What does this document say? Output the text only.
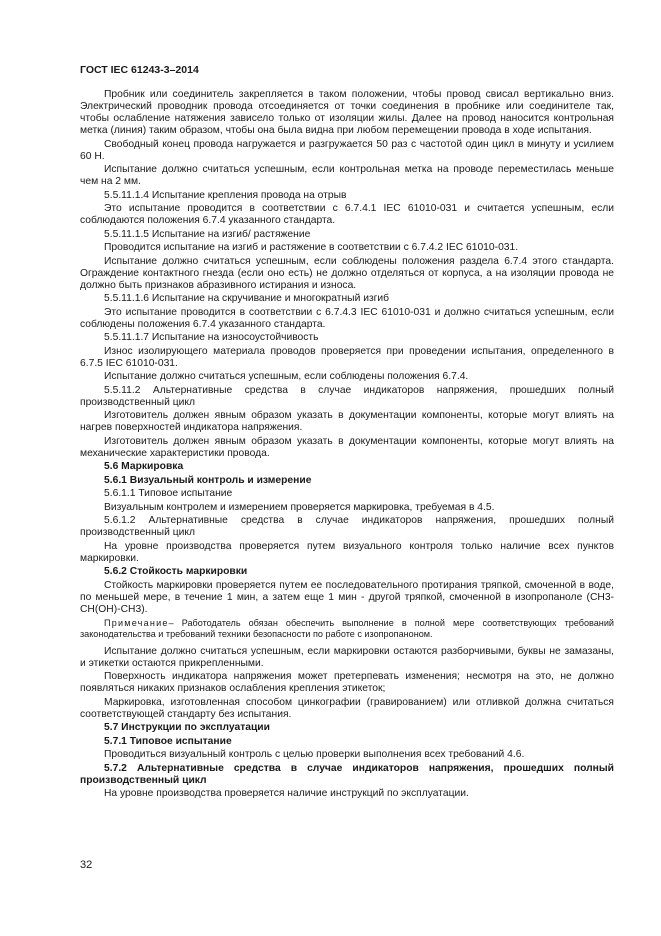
ГОСТ IEC 61243-3–2014
Пробник или соединитель закрепляется в таком положении, чтобы провод свисал вертикально вниз. Электрический проводник провода отсоединяется от точки соединения в пробнике или соединителе так, чтобы ослабление натяжения зависело только от изоляции жилы. Далее на провод наносится контрольная метка (линия) таким образом, чтобы она была видна при любом перемещении провода в ходе испытания.
Свободный конец провода нагружается и разгружается 50 раз с частотой один цикл в минуту и усилием 60 Н.
Испытание должно считаться успешным, если контрольная метка на проводе переместилась меньше чем на 2 мм.
5.5.11.1.4 Испытание крепления провода на отрыв
Это испытание проводится в соответствии с 6.7.4.1 IEC 61010-031 и считается успешным, если соблюдаются положения 6.7.4 указанного стандарта.
5.5.11.1.5 Испытание на изгиб/ растяжение
Проводится испытание на изгиб и растяжение в соответствии с 6.7.4.2 IEC 61010-031.
Испытание должно считаться успешным, если соблюдены положения раздела 6.7.4 этого стандарта. Ограждение контактного гнезда (если оно есть) не должно отделяться от корпуса, а на изоляции провода не должно быть признаков абразивного истирания и износа.
5.5.11.1.6 Испытание на скручивание и многократный изгиб
Это испытание проводится в соответствии с 6.7.4.3 IEC 61010-031 и должно считаться успешным, если соблюдены положения 6.7.4 указанного стандарта.
5.5.11.1.7 Испытание на износоустойчивость
Износ изолирующего материала проводов проверяется при проведении испытания, определенного в 6.7.5 IEC 61010-031.
Испытание должно считаться успешным, если соблюдены положения 6.7.4.
5.5.11.2 Альтернативные средства в случае индикаторов напряжения, прошедших полный производственный цикл
Изготовитель должен явным образом указать в документации компоненты, которые могут влиять на нагрев поверхностей индикатора напряжения.
Изготовитель должен явным образом указать в документации компоненты, которые могут влиять на механические характеристики провода.
5.6 Маркировка
5.6.1 Визуальный контроль и измерение
5.6.1.1 Типовое испытание
Визуальным контролем и измерением проверяется маркировка, требуемая в 4.5.
5.6.1.2 Альтернативные средства в случае индикаторов напряжения, прошедших полный производственный цикл
На уровне производства проверяется путем визуального контроля только наличие всех пунктов маркировки.
5.6.2 Стойкость маркировки
Стойкость маркировки проверяется путем ее последовательного протирания тряпкой, смоченной в воде, по меньшей мере, в течение 1 мин, а затем еще 1 мин - другой тряпкой, смоченной в изопропаноле (СН3-СН(ОН)-СН3).
Примечание– Работодатель обязан обеспечить выполнение в полной мере соответствующих требований законодательства и требований техники безопасности по работе с изопропаноном.
Испытание должно считаться успешным, если маркировки остаются разборчивыми, буквы не замазаны, и этикетки остаются прикрепленными.
Поверхность индикатора напряжения может претерпевать изменения; несмотря на это, не должно появляться никаких признаков ослабления крепления этикеток;
Маркировка, изготовленная способом цинкографии (гравированием) или отливкой должна считаться соответствующей стандарту без испытания.
5.7 Инструкции по эксплуатации
5.7.1 Типовое испытание
Проводиться визуальный контроль с целью проверки выполнения всех требований 4.6.
5.7.2 Альтернативные средства в случае индикаторов напряжения, прошедших полный производственный цикл
На уровне производства проверяется наличие инструкций по эксплуатации.
32
